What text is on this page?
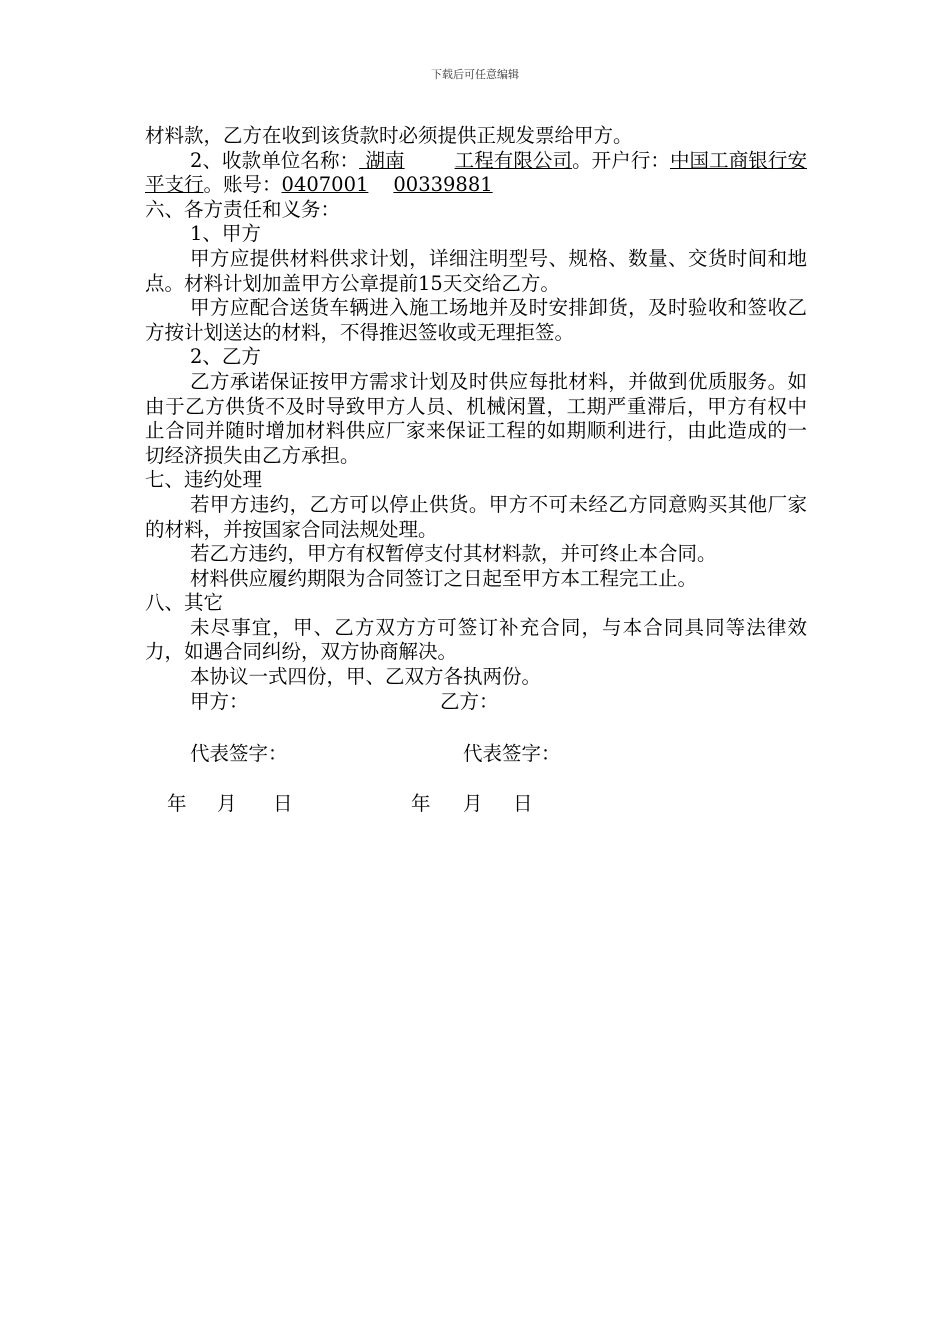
下载后可任意编辑

材料款，乙方在收到该货款时必须提供正规发票给甲方。

2、收款单位名称： 湖南	工程有限公司。开户行：中国工商银行安平支行。账号：0407001 00339881

六、各方责任和义务：

1、甲方

甲方应提供材料供求计划，详细注明型号、规格、数量、交货时间和地点。材料计划加盖甲方公章提前15天交给乙方。

甲方应配合送货车辆进入施工场地并及时安排卸货，及时验收和签收乙方按计划送达的材料，不得推迟签收或无理拒签。

2、乙方

乙方承诺保证按甲方需求计划及时供应每批材料，并做到优质服务。如由于乙方供货不及时导致甲方人员、机械闲置，工期严重滞后，甲方有权中止合同并随时增加材料供应厂家来保证工程的如期顺利进行，由此造成的一切经济损失由乙方承担。

七、违约处理

若甲方违约，乙方可以停止供货。甲方不可未经乙方同意购买其他厂家的材料，并按国家合同法规处理。

若乙方违约，甲方有权暂停支付其材料款，并可终止本合同。

材料供应履约期限为合同签订之日起至甲方本工程完工止。

八、其它

未尽事宜，甲、乙方双方方可签订补充合同，与本合同具同等法律效力，如遇合同纠纷，双方协商解决。

本协议一式四份，甲、乙双方各执两份。

甲方：	乙方：
代表签字：	代表签字：
年 月 日	年 月 日
